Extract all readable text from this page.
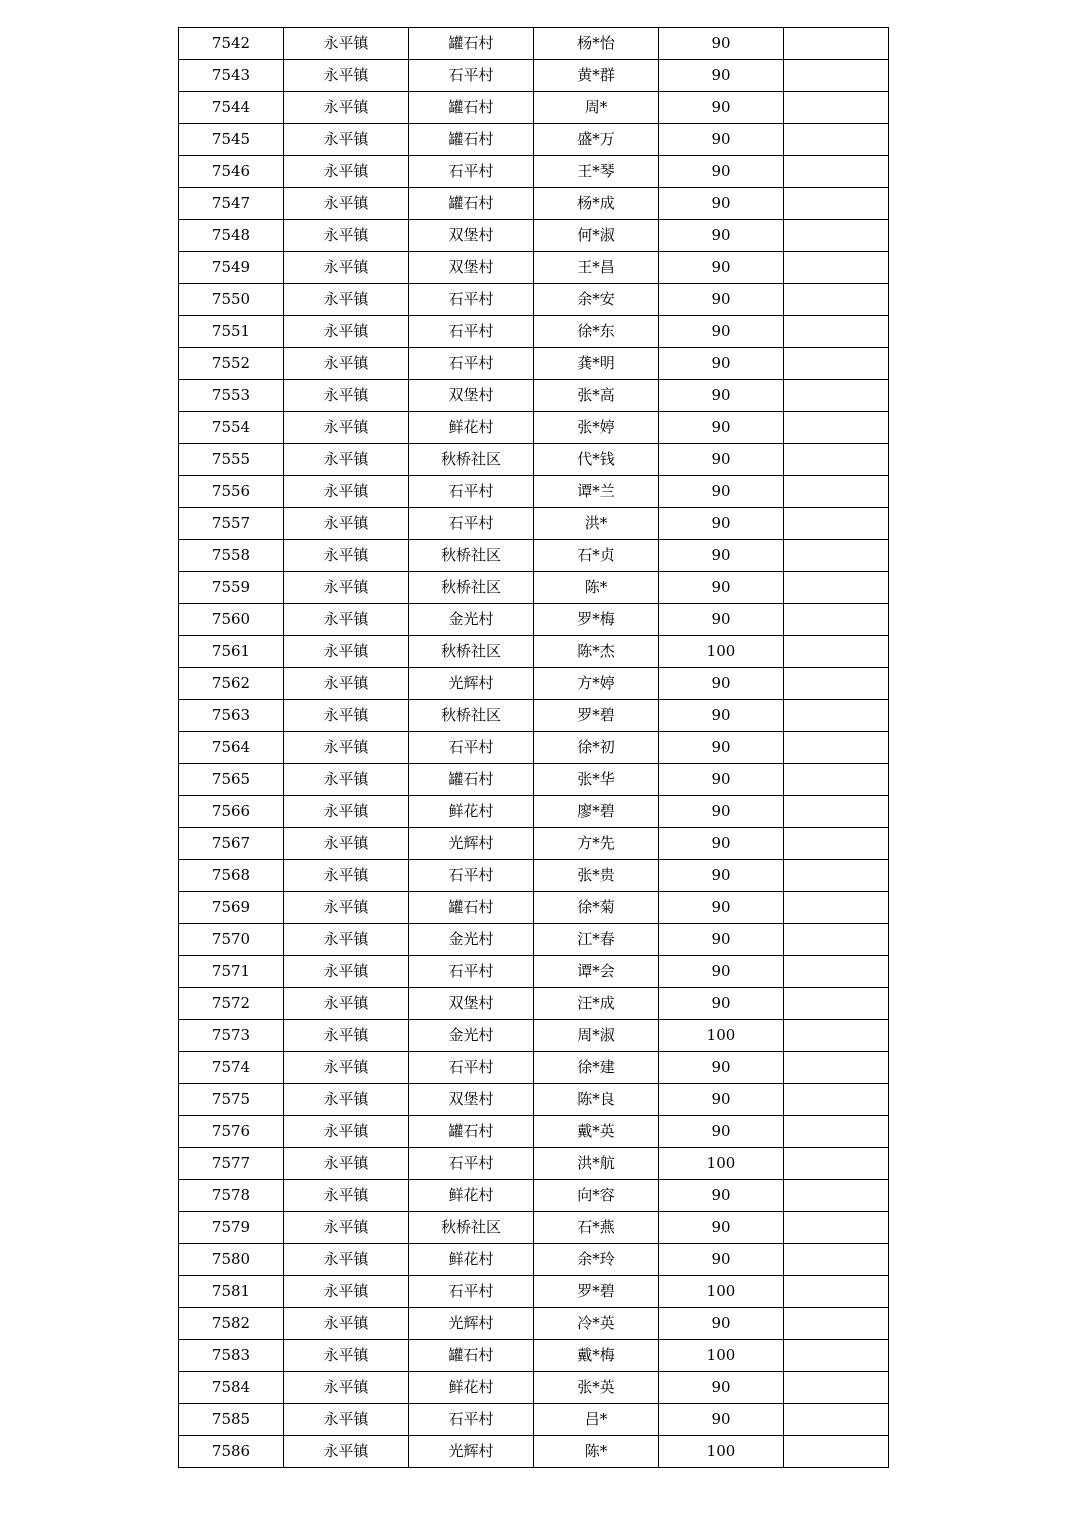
7542	永平镇	罐石村	杨*怡	90	
7543	永平镇	石平村	黄*群	90	
7544	永平镇	罐石村	周*	90	
7545	永平镇	罐石村	盛*万	90	
7546	永平镇	石平村	王*琴	90	
7547	永平镇	罐石村	杨*成	90	
7548	永平镇	双堡村	何*淑	90	
7549	永平镇	双堡村	王*昌	90	
7550	永平镇	石平村	余*安	90	
7551	永平镇	石平村	徐*东	90	
7552	永平镇	石平村	龚*明	90	
7553	永平镇	双堡村	张*高	90	
7554	永平镇	鲜花村	张*婷	90	
7555	永平镇	秋桥社区	代*钱	90	
7556	永平镇	石平村	谭*兰	90	
7557	永平镇	石平村	洪*	90	
7558	永平镇	秋桥社区	石*贞	90	
7559	永平镇	秋桥社区	陈*	90	
7560	永平镇	金光村	罗*梅	90	
7561	永平镇	秋桥社区	陈*杰	100	
7562	永平镇	光辉村	方*婷	90	
7563	永平镇	秋桥社区	罗*碧	90	
7564	永平镇	石平村	徐*初	90	
7565	永平镇	罐石村	张*华	90	
7566	永平镇	鲜花村	廖*碧	90	
7567	永平镇	光辉村	方*先	90	
7568	永平镇	石平村	张*贵	90	
7569	永平镇	罐石村	徐*菊	90	
7570	永平镇	金光村	江*春	90	
7571	永平镇	石平村	谭*会	90	
7572	永平镇	双堡村	汪*成	90	
7573	永平镇	金光村	周*淑	100	
7574	永平镇	石平村	徐*建	90	
7575	永平镇	双堡村	陈*良	90	
7576	永平镇	罐石村	戴*英	90	
7577	永平镇	石平村	洪*航	100	
7578	永平镇	鲜花村	向*容	90	
7579	永平镇	秋桥社区	石*燕	90	
7580	永平镇	鲜花村	余*玲	90	
7581	永平镇	石平村	罗*碧	100	
7582	永平镇	光辉村	冷*英	90	
7583	永平镇	罐石村	戴*梅	100	
7584	永平镇	鲜花村	张*英	90	
7585	永平镇	石平村	吕*	90	
7586	永平镇	光辉村	陈*	100	
